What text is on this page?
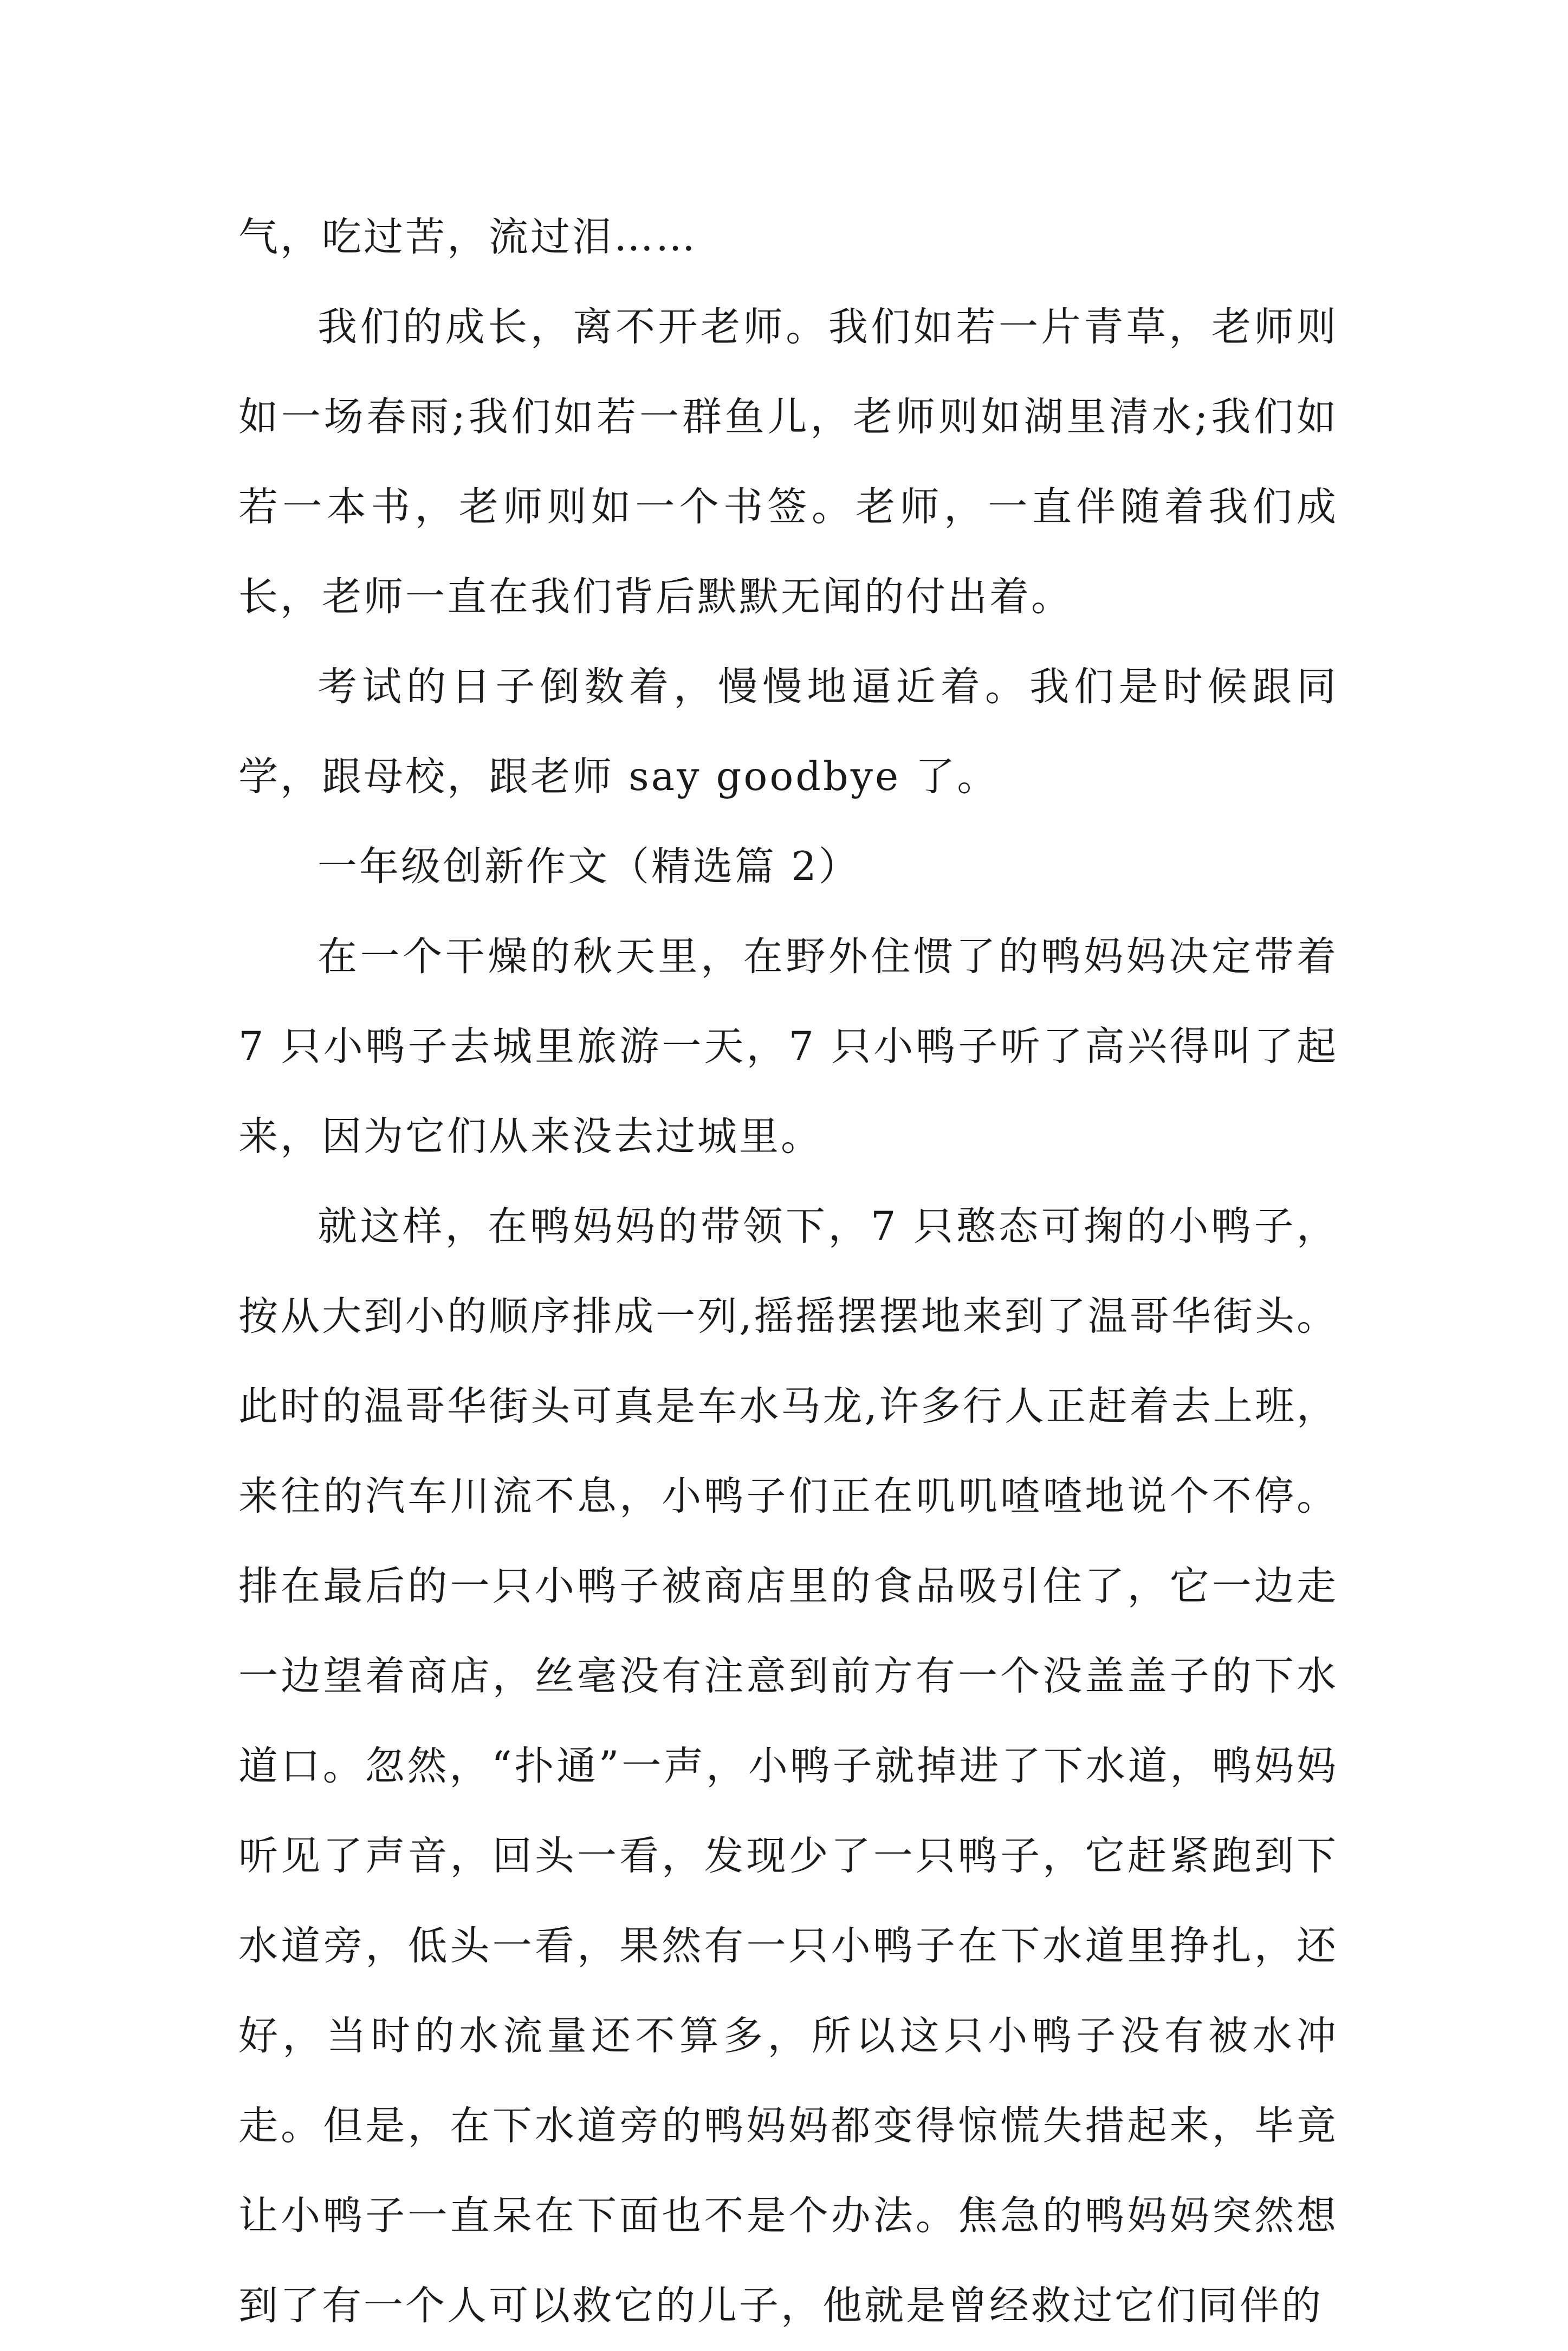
气，吃过苦，流过泪……

我们的成长，离不开老师。我们如若一片青草，老师则如一场春雨;我们如若一群鱼儿，老师则如湖里清水;我们如若一本书，老师则如一个书签。老师，一直伴随着我们成长，老师一直在我们背后默默无闻的付出着。

考试的日子倒数着，慢慢地逼近着。我们是时候跟同学，跟母校，跟老师 say goodbye 了。

一年级创新作文（精选篇 2）

在一个干燥的秋天里，在野外住惯了的鸭妈妈决定带着 7 只小鸭子去城里旅游一天，7 只小鸭子听了高兴得叫了起来，因为它们从来没去过城里。

就这样，在鸭妈妈的带领下，7 只憨态可掬的小鸭子，按从大到小的顺序排成一列,摇摇摆摆地来到了温哥华街头。此时的温哥华街头可真是车水马龙,许多行人正赶着去上班，来往的汽车川流不息，小鸭子们正在叽叽喳喳地说个不停。排在最后的一只小鸭子被商店里的食品吸引住了，它一边走一边望着商店，丝毫没有注意到前方有一个没盖盖子的下水道口。忽然，“扑通”一声，小鸭子就掉进了下水道，鸭妈妈听见了声音，回头一看，发现少了一只鸭子，它赶紧跑到下水道旁，低头一看，果然有一只小鸭子在下水道里挣扎，还好，当时的水流量还不算多，所以这只小鸭子没有被水冲走。但是，在下水道旁的鸭妈妈都变得惊慌失措起来，毕竟让小鸭子一直呆在下面也不是个办法。焦急的鸭妈妈突然想到了有一个人可以救它的儿子，他就是曾经救过它们同伴的
